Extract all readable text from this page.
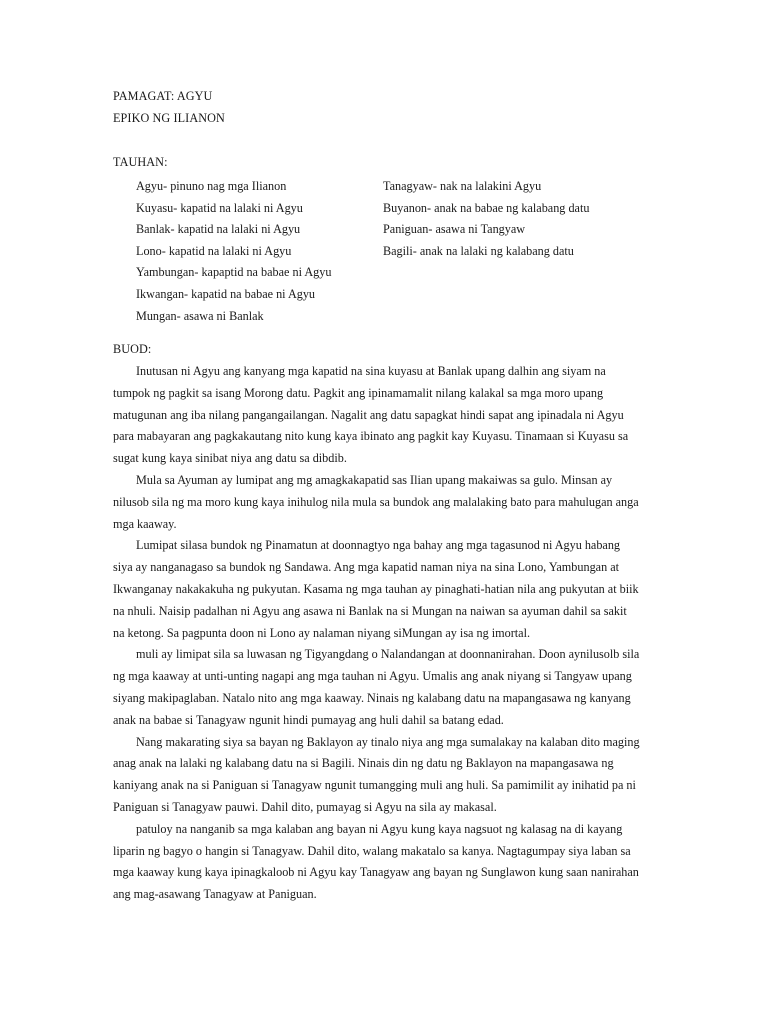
PAMAGAT: AGYU
EPIKO NG ILIANON
TAUHAN:
Agyu- pinuno nag mga Ilianon
Kuyasu- kapatid na lalaki ni Agyu
Banlak- kapatid na lalaki ni Agyu
Lono- kapatid na lalaki ni Agyu
Yambungan- kapaptid na babae ni Agyu
Ikwangan- kapatid na babae ni Agyu
Mungan- asawa ni Banlak
Tanagyaw- nak na lalakini Agyu
Buyanon- anak na babae ng kalabang datu
Paniguan- asawa ni Tangyaw
Bagili- anak na lalaki ng kalabang datu
BUOD:
Inutusan ni Agyu ang kanyang mga kapatid na sina kuyasu at Banlak upang dalhin ang siyam na
tumpok ng pagkit sa isang Morong datu. Pagkit ang ipinamamalit nilang kalakal sa mga moro upang
matugunan ang iba nilang pangangailangan. Nagalit ang datu sapagkat hindi sapat ang ipinadala ni Agyu
para mabayaran ang pagkakautang nito kung kaya ibinato ang pagkit kay Kuyasu. Tinamaan si Kuyasu sa
sugat kung kaya sinibat niya ang datu sa dibdib.
Mula sa Ayuman ay lumipat ang mg amagkakapatid sas Ilian upang makaiwas sa gulo. Minsan ay
nilusob sila ng ma moro kung kaya inihulog nila mula sa bundok ang malalaking bato para mahulugan anga
mga kaaway.
Lumipat silasa bundok ng Pinamatun at doonnagtyo nga bahay ang mga tagasunod ni Agyu habang
siya ay nanganagaso sa bundok ng Sandawa. Ang mga kapatid naman niya na sina Lono, Yambungan at
Ikwanganay nakakakuha ng pukyutan. Kasama ng mga tauhan ay pinaghati-hatian nila ang pukyutan at biik
na nhuli. Naisip padalhan ni Agyu ang asawa ni Banlak na si Mungan na naiwan sa ayuman dahil sa sakit
na ketong. Sa pagpunta doon ni Lono ay nalaman niyang siMungan ay isa ng imortal.
muli ay limipat sila sa luwasan ng Tigyangdang o Nalandangan at doonnanirahan. Doon aynilusolb sila
ng mga kaaway at unti-unting nagapi ang mga tauhan ni Agyu. Umalis ang anak niyang si Tangyaw upang
siyang makipaglaban. Natalo nito ang mga kaaway. Ninais ng kalabang datu na mapangasawa ng kanyang
anak na babae si Tanagyaw ngunit hindi pumayag ang huli dahil sa batang edad.
Nang makarating siya sa bayan ng Baklayon ay tinalo niya ang mga sumalakay na kalaban dito maging
anag anak na lalaki ng kalabang datu na si Bagili. Ninais din ng datu ng Baklayon na mapangasawa ng
kaniyang anak na si Paniguan si Tanagyaw ngunit tumangging muli ang huli. Sa pamimilit ay inihatid pa ni
Paniguan si Tanagyaw pauwi. Dahil dito, pumayag si Agyu na sila ay makasal.
patuloy na nanganib sa mga kalaban ang bayan ni Agyu kung kaya nagsuot ng kalasag na di kayang
liparin ng bagyo o hangin si Tanagyaw. Dahil dito, walang makatalo sa kanya. Nagtagumpay siya laban sa
mga kaaway kung kaya ipinagkaloob ni Agyu kay Tanagyaw ang bayan ng Sunglawon kung saan nanirahan
ang mag-asawang Tanagyaw at Paniguan.
